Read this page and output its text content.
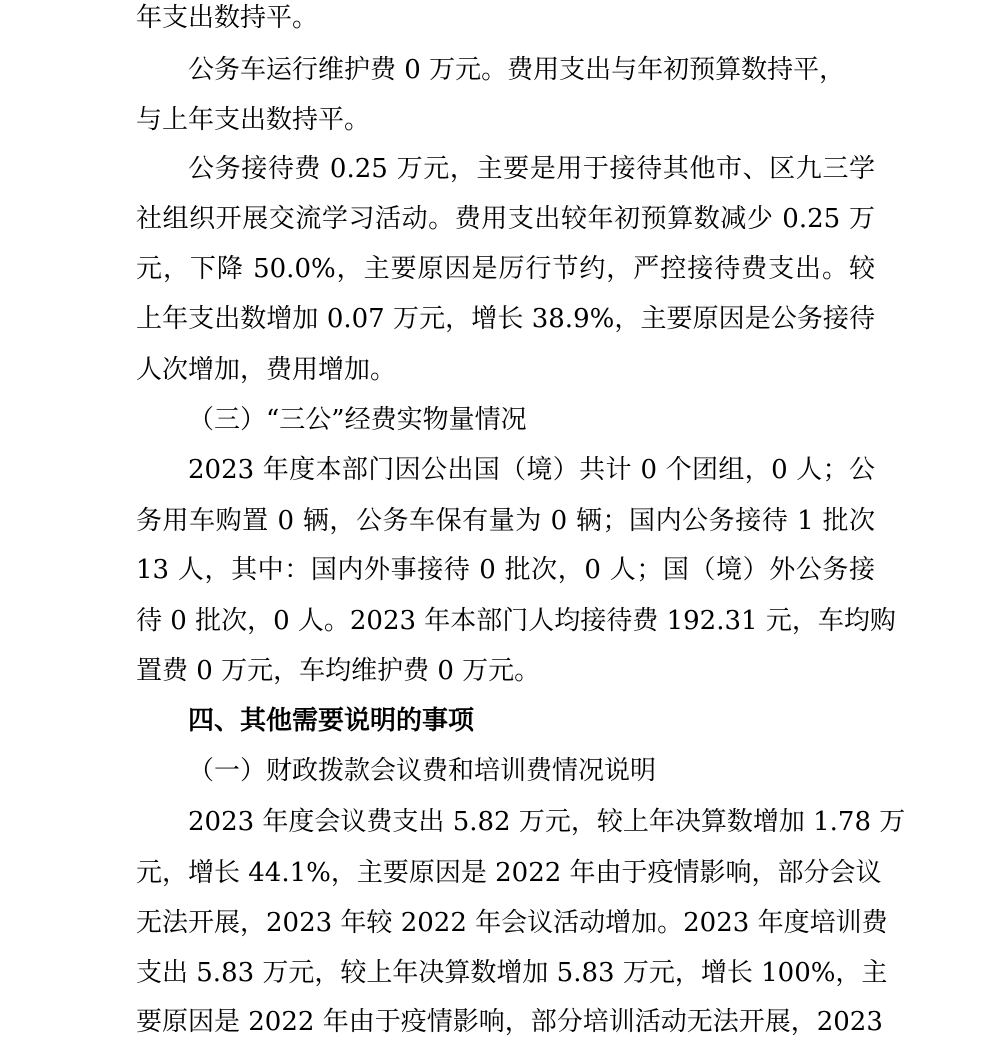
年支出数持平。
公务车运行维护费 0 万元。费用支出与年初预算数持平，
与上年支出数持平。
公务接待费 0.25 万元，主要是用于接待其他市、区九三学
社组织开展交流学习活动。费用支出较年初预算数减少 0.25 万
元，下降 50.0%，主要原因是厉行节约，严控接待费支出。较
上年支出数增加 0.07 万元，增长 38.9%，主要原因是公务接待
人次增加，费用增加。
（三）“三公”经费实物量情况
2023 年度本部门因公出国（境）共计 0 个团组，0 人；公
务用车购置 0 辆，公务车保有量为 0 辆；国内公务接待 1 批次
13 人，其中：国内外事接待 0 批次，0 人；国（境）外公务接
待 0 批次，0 人。2023 年本部门人均接待费 192.31 元，车均购
置费 0 万元，车均维护费 0 万元。
四、其他需要说明的事项
（一）财政拨款会议费和培训费情况说明
2023 年度会议费支出 5.82 万元，较上年决算数增加 1.78 万
元，增长 44.1%，主要原因是 2022 年由于疫情影响，部分会议
无法开展，2023 年较 2022 年会议活动增加。2023 年度培训费
支出 5.83 万元，较上年决算数增加 5.83 万元，增长 100%，主
要原因是 2022 年由于疫情影响，部分培训活动无法开展，2023
